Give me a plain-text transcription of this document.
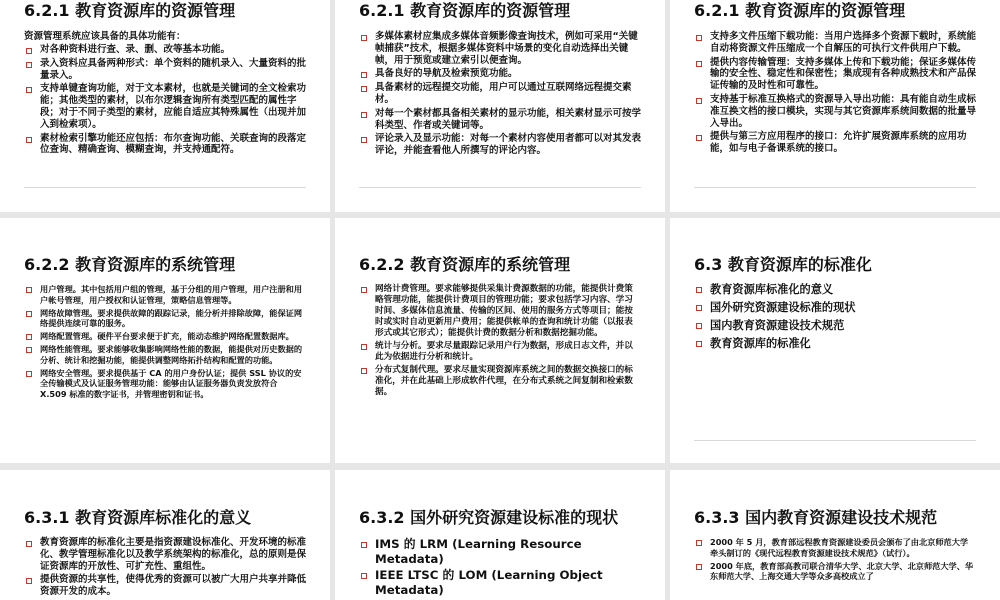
6.2.1 教育资源库的资源管理

资源管理系统应该具备的具体功能有：

对各种资料进行查、录、删、改等基本功能。
录入资料应具备两种形式：单个资料的随机录入、大量资料的批量录入。
支持单键查询功能，对于文本素材，也就是关键词的全文检索功能；其他类型的素材，以布尔逻辑查询所有类型匹配的属性字段；对于不同子类型的素材，应能自适应其特殊属性（出现并加入到检索项）。
素材检索引擎功能还应包括：布尔查询功能、关联查询的段落定位查询、精确查询、模糊查询，并支持通配符。
6.2.1 教育资源库的资源管理
多媒体素材应集成多媒体音频影像查询技术，例如可采用“关键帧捕获”技术，根据多媒体资料中场景的变化自动选择出关键帧，用于预览或建立索引以便查询。
具备良好的导航及检索预览功能。
具备素材的远程提交功能，用户可以通过互联网络远程提交素材。
对每一个素材都具备相关素材的显示功能，相关素材显示可按学科类型、作者或关键词等。
评论录入及显示功能：对每一个素材内容使用者都可以对其发表评论，并能查看他人所撰写的评论内容。
6.2.1 教育资源库的资源管理
支持多文件压缩下载功能：当用户选择多个资源下载时，系统能自动将资源文件压缩成一个自解压的可执行文件供用户下载。
提供内容传输管理：支持多媒体上传和下载功能；保证多媒体传输的安全性、稳定性和保密性；集成现有各种成熟技术和产品保证传输的及时性和可靠性。
支持基于标准互换格式的资源导入导出功能：具有能自动生成标准互换文档的接口模块，实现与其它资源库系统间数据的批量导入导出。
提供与第三方应用程序的接口：允许扩展资源库系统的应用功能，如与电子备课系统的接口。
6.2.2 教育资源库的系统管理
用户管理。其中包括用户组的管理，基于分组的用户管理，用户注册和用户帐号管理，用户授权和认证管理，策略信息管理等。
网络故障管理。要求提供故障的跟踪记录，能分析并排除故障，能保证网络提供连续可靠的服务。
网络配置管理。硬件平台要求便于扩充，能动态维护网络配置数据库。
网络性能管理。要求能够收集影响网络性能的数据，能提供对历史数据的分析、统计和挖掘功能，能提供调整网络拓扑结构和配置的功能。
网络安全管理。要求提供基于 CA 的用户身份认证；提供 SSL 协议的安全传输模式及认证服务管理功能：能够由认证服务器负责发放符合 X.509 标准的数字证书，并管理密钥和证书。
6.2.2 教育资源库的系统管理
网络计费管理。要求能够提供采集计费源数据的功能，能提供计费策略管理功能，能提供计费项目的管理功能；要求包括学习内容、学习时间、多媒体信息流量、传输的区间、使用的服务方式等项目；能按时或实时自动更新用户费用；能提供帐单的查询和统计功能（以报表形式或其它形式）；能提供计费的数据分析和数据挖掘功能。
统计与分析。要求尽量跟踪记录用户行为数据，形成日志文件，并以此为依据进行分析和统计。
分布式复制代理。要求尽量实现资源库系统之间的数据交换接口的标准化，并在此基础上形成软件代理，在分布式系统之间复制和检索数据。
6.3 教育资源库的标准化
教育资源库标准化的意义
国外研究资源建设标准的现状
国内教育资源建设技术规范
教育资源库的标准化
6.3.1 教育资源库标准化的意义
教育资源库的标准化主要是指资源建设标准化、开发环境的标准化、教学管理标准化以及教学系统架构的标准化，总的原则是保证资源库的开放性、可扩充性、重组性。
提供资源的共享性，使得优秀的资源可以被广大用户共享并降低资源开发的成本。
6.3.2 国外研究资源建设标准的现状
IMS 的 LRM (Learning Resource Metadata)
IEEE LTSC 的 LOM (Learning Object Metadata)
6.3.3 国内教育资源建设技术规范
2000 年 5 月，教育部远程教育资源建设委员会颁布了由北京师范大学牵头制订的《现代远程教育资源建设技术规范》（试行）。
2000 年底，教育部高教司联合清华大学、北京大学、北京师范大学、华东师范大学、上海交通大学等众多高校成立了
